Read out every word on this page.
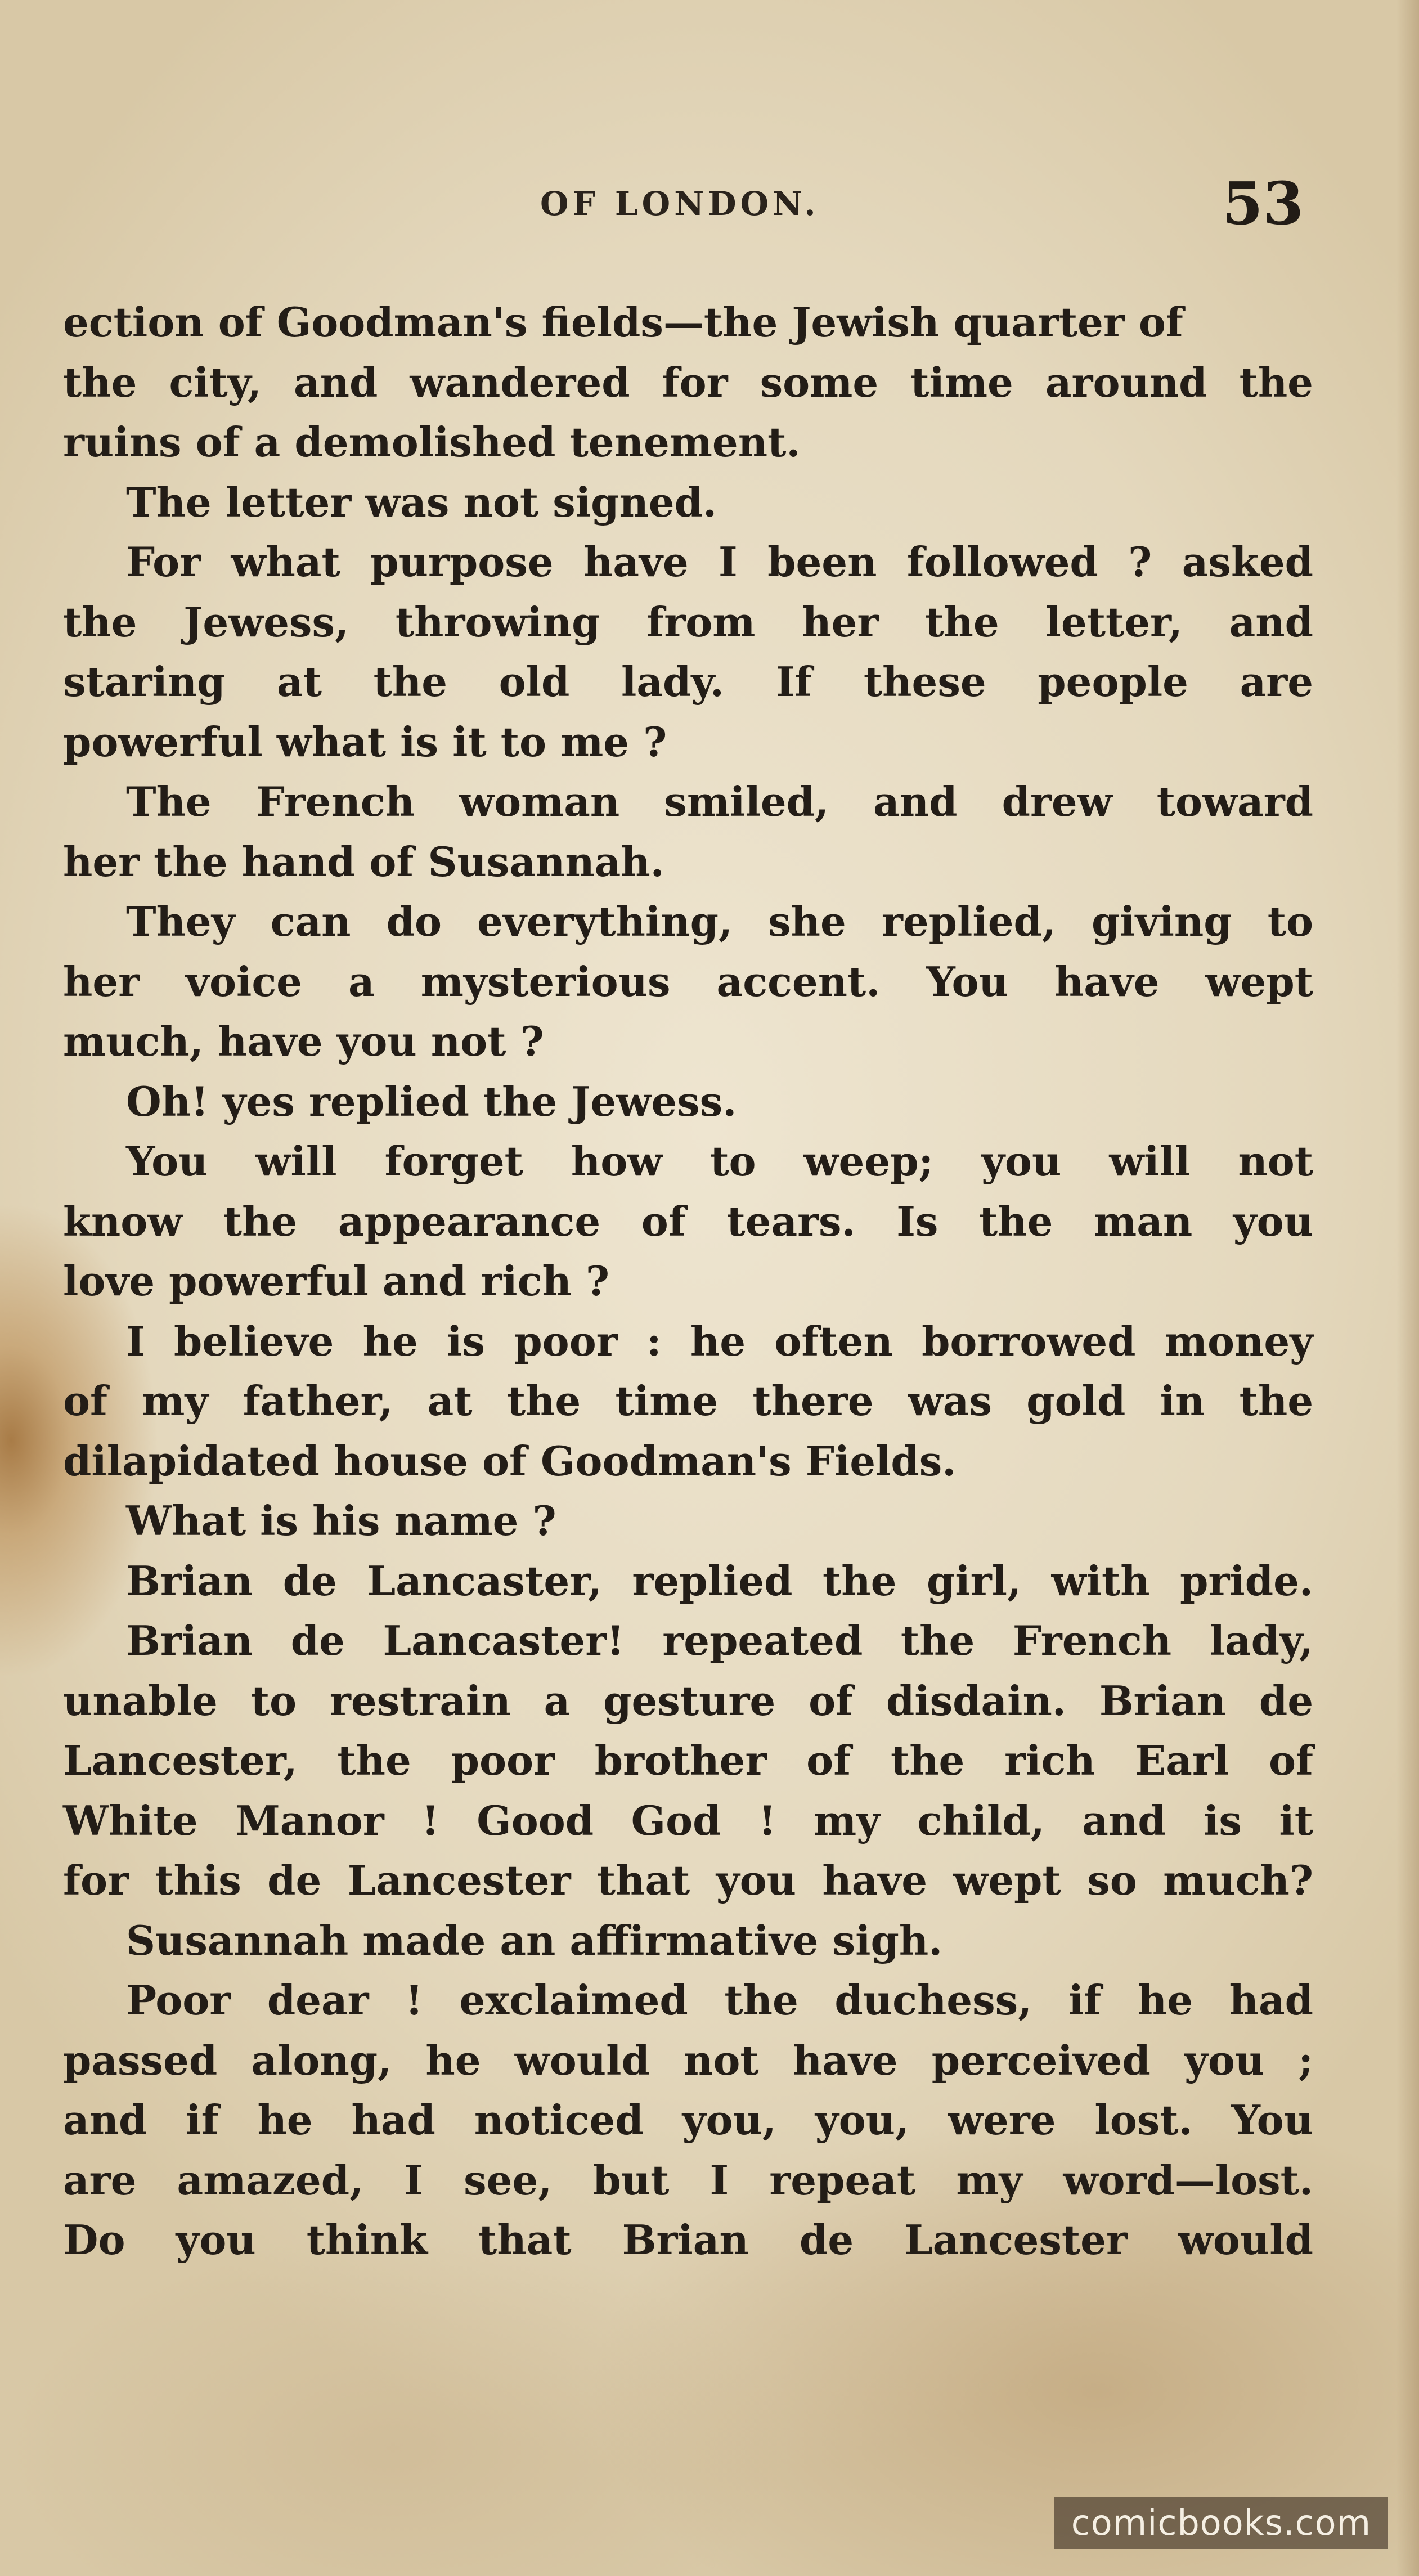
OF LONDON.	53
ection of Goodman's fields—the Jewish quarter of
the city, and wandered for some time around the
ruins of a demolished tenement.
The letter was not signed.
For what purpose have I been followed ? asked
the Jewess, throwing from her the letter, and
staring at the old lady. If these people are
powerful what is it to me ?
The French woman smiled, and drew toward
her the hand of Susannah.
They can do everything, she replied, giving to
her voice a mysterious accent. You have wept
much, have you not ?
Oh! yes replied the Jewess.
You will forget how to weep; you will not
know the appearance of tears. Is the man you
love powerful and rich ?
I believe he is poor : he often borrowed money
of my father, at the time there was gold in the
dilapidated house of Goodman's Fields.
What is his name ?
Brian de Lancaster, replied the girl, with pride.
Brian de Lancaster! repeated the French lady,
unable to restrain a gesture of disdain. Brian de
Lancester, the poor brother of the rich Earl of
White Manor ! Good God ! my child, and is it
for this de Lancester that you have wept so much?
Susannah made an affirmative sigh.
Poor dear ! exclaimed the duchess, if he had
passed along, he would not have perceived you ;
and if he had noticed you, you, were lost. You
are amazed, I see, but I repeat my word—lost.
Do you think that Brian de Lancester would
comicbooks.com
